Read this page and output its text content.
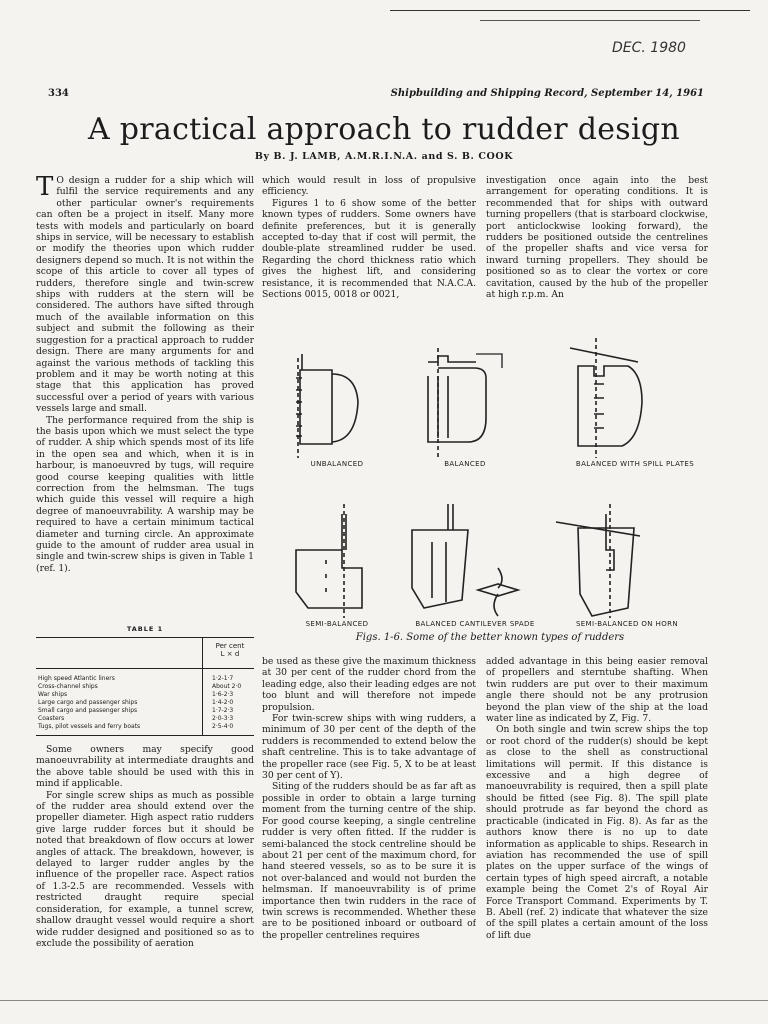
DEC. 1980
334	Shipbuilding and Shipping Record, September 14, 1961
A practical approach to rudder design
By B. J. LAMB, A.M.R.I.N.A. and S. B. COOK

T O design a rudder for a ship which will fulfil the service requirements and any other particular owner's requirements can often be a project in itself. Many more tests with models and particularly on board ships in service, will be necessary to establish or modify the theories upon which rudder designers depend so much. It is not within the scope of this article to cover all types of rudders, therefore single and twin-screw ships with rudders at the stern will be considered. The authors have sifted through much of the available information on this subject and submit the following as their suggestion for a practical approach to rudder design. There are many arguments for and against the various methods of tackling this problem and it may be worth noting at this stage that this application has proved successful over a period of years with various vessels large and small.

The performance required from the ship is the basis upon which we must select the type of rudder. A ship which spends most of its life in the open sea and which, when it is in harbour, is manoeuvred by tugs, will require good course keeping qualities with little correction from the helmsman. The tugs which guide this vessel will require a high degree of manoeuvrability. A warship may be required to have a certain minimum tactical diameter and turning circle. An approximate guide to the amount of rudder area usual in single and twin-screw ships is given in Table 1 (ref. 1).

which would result in loss of propulsive efficiency.

Figures 1 to 6 show some of the better known types of rudders. Some owners have definite preferences, but it is generally accepted to-day that if cost will permit, the double-plate streamlined rudder be used. Regarding the chord thickness ratio which gives the highest lift, and considering resistance, it is recommended that N.A.C.A. Sections 0015, 0018 or 0021,

investigation once again into the best arrangement for operating conditions. It is recommended that for ships with outward turning propellers (that is starboard clockwise, port anticlockwise looking forward), the rudders be positioned outside the centrelines of the propeller shafts and vice versa for inward turning propellers. They should be positioned so as to clear the vortex or core cavitation, caused by the hub of the propeller at high r.p.m. An

UNBALANCED	BALANCED	BALANCED WITH SPILL PLATES
SEMI-BALANCED	BALANCED CANTILEVER SPADE	SEMI-BALANCED ON HORN
Figs. 1-6. Some of the better known types of rudders
TABLE 1
Per cent
L × d
High speed Atlantic liners	1·2-1·7
Cross-channel ships	About 2·0
War ships	1·6-2·3
Large cargo and passenger ships	1·4-2·0
Small cargo and passenger ships	1·7-2·3
Coasters	2·0-3·3
Tugs, pilot vessels and ferry boats	2·5-4·0

Some owners may specify good manoeuvrability at intermediate draughts and the above table should be used with this in mind if applicable.

For single screw ships as much as possible of the rudder area should extend over the propeller diameter. High aspect ratio rudders give large rudder forces but it should be noted that breakdown of flow occurs at lower angles of attack. The breakdown, however, is delayed to larger rudder angles by the influence of the propeller race. Aspect ratios of 1.3-2.5 are recommended. Vessels with restricted draught require special consideration, for example, a tunnel screw, shallow draught vessel would require a short wide rudder designed and positioned so as to exclude the possibility of aeration

be used as these give the maximum thickness at 30 per cent of the rudder chord from the leading edge, also their leading edges are not too blunt and will therefore not impede propulsion.

For twin-screw ships with wing rudders, a minimum of 30 per cent of the depth of the rudders is recommended to extend below the shaft centreline. This is to take advantage of the propeller race (see Fig. 5, X to be at least 30 per cent of Y).

Siting of the rudders should be as far aft as possible in order to obtain a large turning moment from the turning centre of the ship. For good course keeping, a single centreline rudder is very often fitted. If the rudder is semi-balanced the stock centreline should be about 21 per cent of the maximum chord, for hand steered vessels, so as to be sure it is not over-balanced and would not burden the helmsman. If manoeuvrability is of prime importance then twin rudders in the race of twin screws is recommended. Whether these are to be positioned inboard or outboard of the propeller centrelines requires

added advantage in this being easier removal of propellers and sterntube shafting. When twin rudders are put over to their maximum angle there should not be any protrusion beyond the plan view of the ship at the load water line as indicated by Z, Fig. 7.

On both single and twin screw ships the top or root chord of the rudder(s) should be kept as close to the shell as constructional limitations will permit. If this distance is excessive and a high degree of manoeuvrability is required, then a spill plate should be fitted (see Fig. 8). The spill plate should protrude as far beyond the chord as practicable (indicated in Fig. 8). As far as the authors know there is no up to date information as applicable to ships. Research in aviation has recommended the use of spill plates on the upper surface of the wings of certain types of high speed aircraft, a notable example being the Comet 2's of Royal Air Force Transport Command. Experiments by T. B. Abell (ref. 2) indicate that whatever the size of the spill plates a certain amount of the loss of lift due
